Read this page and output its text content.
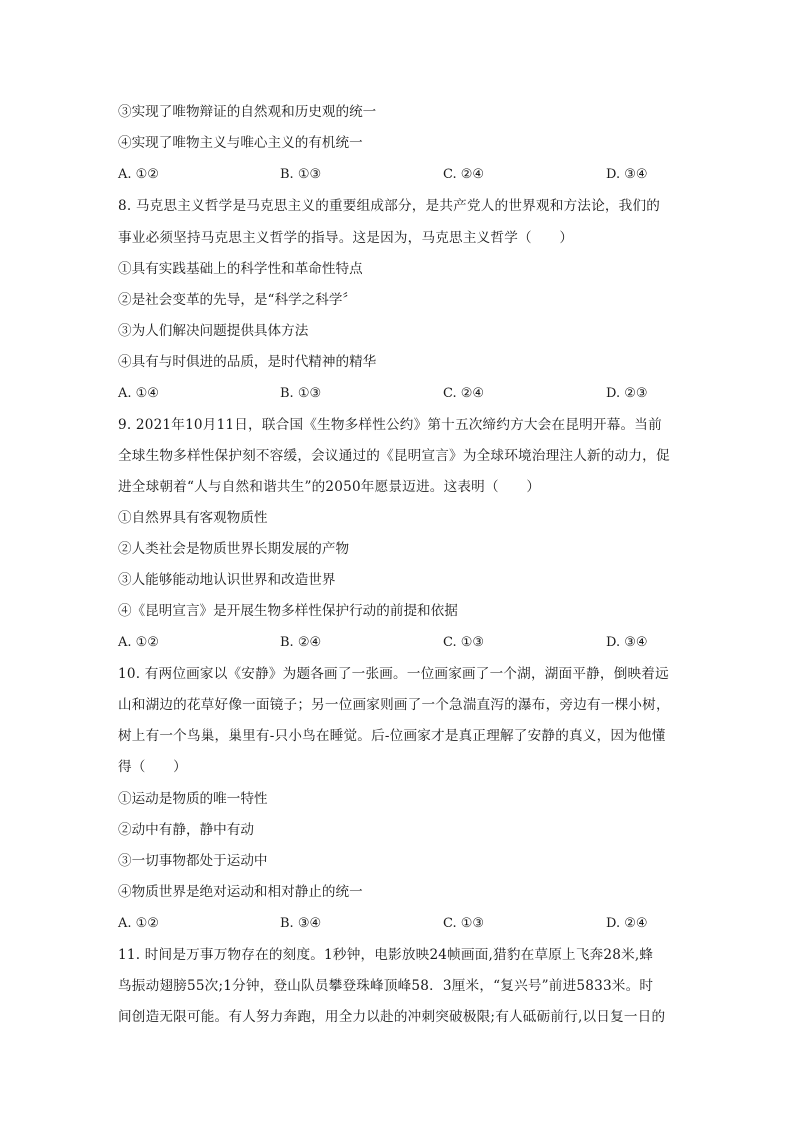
③实现了唯物辩证的自然观和历史观的统一
④实现了唯物主义与唯心主义的有机统一
A. ①②	B. ①③	C. ②④	D. ③④
8. 马克思主义哲学是马克思主义的重要组成部分，是共产党人的世界观和方法论，我们的
事业必须坚持马克思主义哲学的指导。这是因为，马克思主义哲学（　　）
①具有实践基础上的科学性和革命性特点
②是社会变革的先导，是“科学之科学〞
③为人们解决问题提供具体方法
④具有与时俱进的品质，是时代精神的精华
A. ①④	B. ①③	C. ②④	D. ②③
9. 2021年10月11日，联合国《生物多样性公约》第十五次缔约方大会在昆明开幕。当前
全球生物多样性保护刻不容缓，会议通过的《昆明宣言》为全球环境治理注人新的动力，促
进全球朝着“人与自然和谐共生”的2050年愿景迈进。这表明（　　）
①自然界具有客观物质性
②人类社会是物质世界长期发展的产物
③人能够能动地认识世界和改造世界
④《昆明宣言》是开展生物多样性保护行动的前提和依据
A. ①②	B. ②④	C. ①③	D. ③④
10. 有两位画家以《安静》为题各画了一张画。一位画家画了一个湖，湖面平静，倒映着远
山和湖边的花草好像一面镜子；另一位画家则画了一个急湍直泻的瀑布，旁边有一棵小树，
树上有一个鸟巢，巢里有-只小鸟在睡觉。后-位画家才是真正理解了安静的真义，因为他懂
得（　　）
①运动是物质的唯一特性
②动中有静，静中有动
③一切事物都处于运动中
④物质世界是绝对运动和相对静止的统一
A. ①②	B. ③④	C. ①③	D. ②④
11. 时间是万事万物存在的刻度。1秒钟，电影放映24帧画面,猎豹在草原上飞奔28米,蜂
鸟振动翅膀55次;1分钟，登山队员攀登珠峰顶峰58．3厘米，“复兴号”前进5833米。时
间创造无限可能。有人努力奔跑，用全力以赴的冲刺突破极限;有人砥砺前行,以日复一日的
